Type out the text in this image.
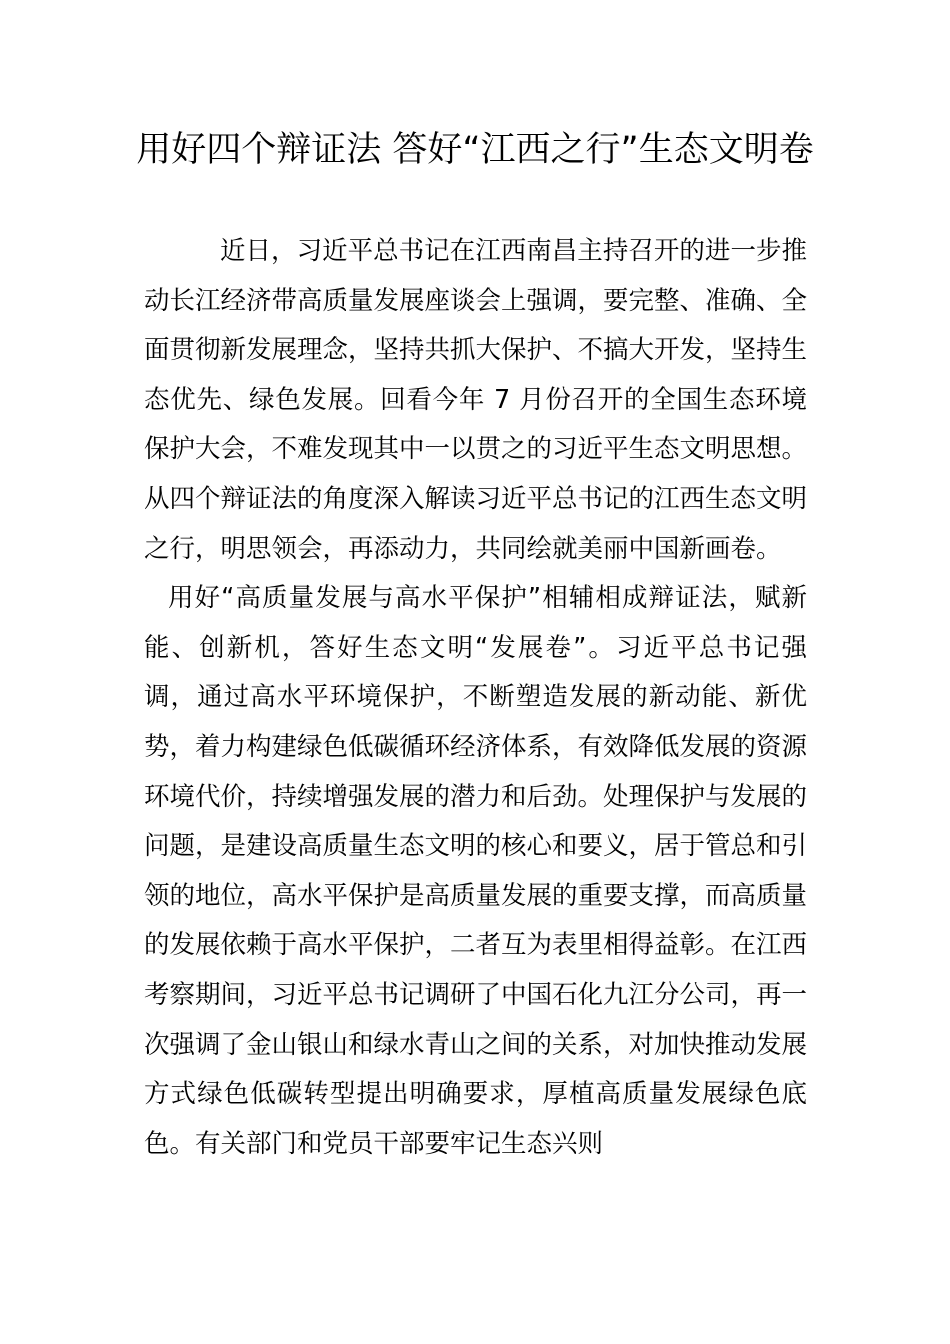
用好四个辩证法 答好“江西之行”生态文明卷

近日，习近平总书记在江西南昌主持召开的进一步推动长江经济带高质量发展座谈会上强调，要完整、准确、全面贯彻新发展理念，坚持共抓大保护、不搞大开发，坚持生态优先、绿色发展。回看今年 7 月份召开的全国生态环境保护大会，不难发现其中一以贯之的习近平生态文明思想。从四个辩证法的角度深入解读习近平总书记的江西生态文明之行，明思领会，再添动力，共同绘就美丽中国新画卷。

用好“高质量发展与高水平保护”相辅相成辩证法，赋新能、创新机，答好生态文明“发展卷”。习近平总书记强调，通过高水平环境保护，不断塑造发展的新动能、新优势，着力构建绿色低碳循环经济体系，有效降低发展的资源环境代价，持续增强发展的潜力和后劲。处理保护与发展的问题，是建设高质量生态文明的核心和要义，居于管总和引领的地位，高水平保护是高质量发展的重要支撑，而高质量的发展依赖于高水平保护，二者互为表里相得益彰。在江西考察期间，习近平总书记调研了中国石化九江分公司，再一次强调了金山银山和绿水青山之间的关系，对加快推动发展方式绿色低碳转型提出明确要求，厚植高质量发展绿色底色。有关部门和党员干部要牢记生态兴则
